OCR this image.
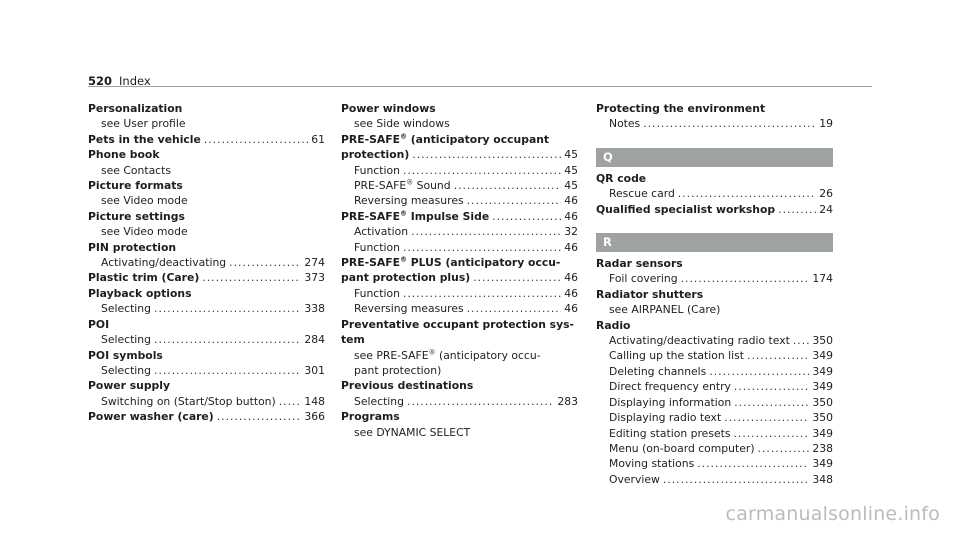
520 Index
Personalization
see User profile
Pets in the vehicle .....	61
Phone book
see Contacts
Picture formats
see Video mode
Picture settings
see Video mode
PIN protection
Activating/deactivating .....	274
Plastic trim (Care) .....	373
Playback options
Selecting .....	338
POI
Selecting .....	284
POI symbols
Selecting .....	301
Power supply
Switching on (Start/Stop button) .....	148
Power washer (care) .....	366
Power windows
see Side windows
PRE-SAFE® (anticipatory occupant
protection) .....	45
Function .....	45
PRE-SAFE® Sound .....	45
Reversing measures .....	46
PRE-SAFE® Impulse Side .....	46
Activation .....	32
Function .....	46
PRE-SAFE® PLUS (anticipatory occu-
pant protection plus) .....	46
Function .....	46
Reversing measures .....	46
Preventative occupant protection sys-
tem
see PRE-SAFE® (anticipatory occu-
pant protection)
Previous destinations
Selecting .....	283
Programs
see DYNAMIC SELECT
Protecting the environment
Notes .....	19
Q
QR code
Rescue card .....	26
Qualified specialist workshop .....	24
R
Radar sensors
Foil covering .....	174
Radiator shutters
see AIRPANEL (Care)
Radio
Activating/deactivating radio text ..... 350
Calling up the station list .....	349
Deleting channels .....	349
Direct frequency entry .....	349
Displaying information .....	350
Displaying radio text .....	350
Editing station presets .....	349
Menu (on-board computer) .....	238
Moving stations .....	349
Overview .....	348
carmanualsonline.info
